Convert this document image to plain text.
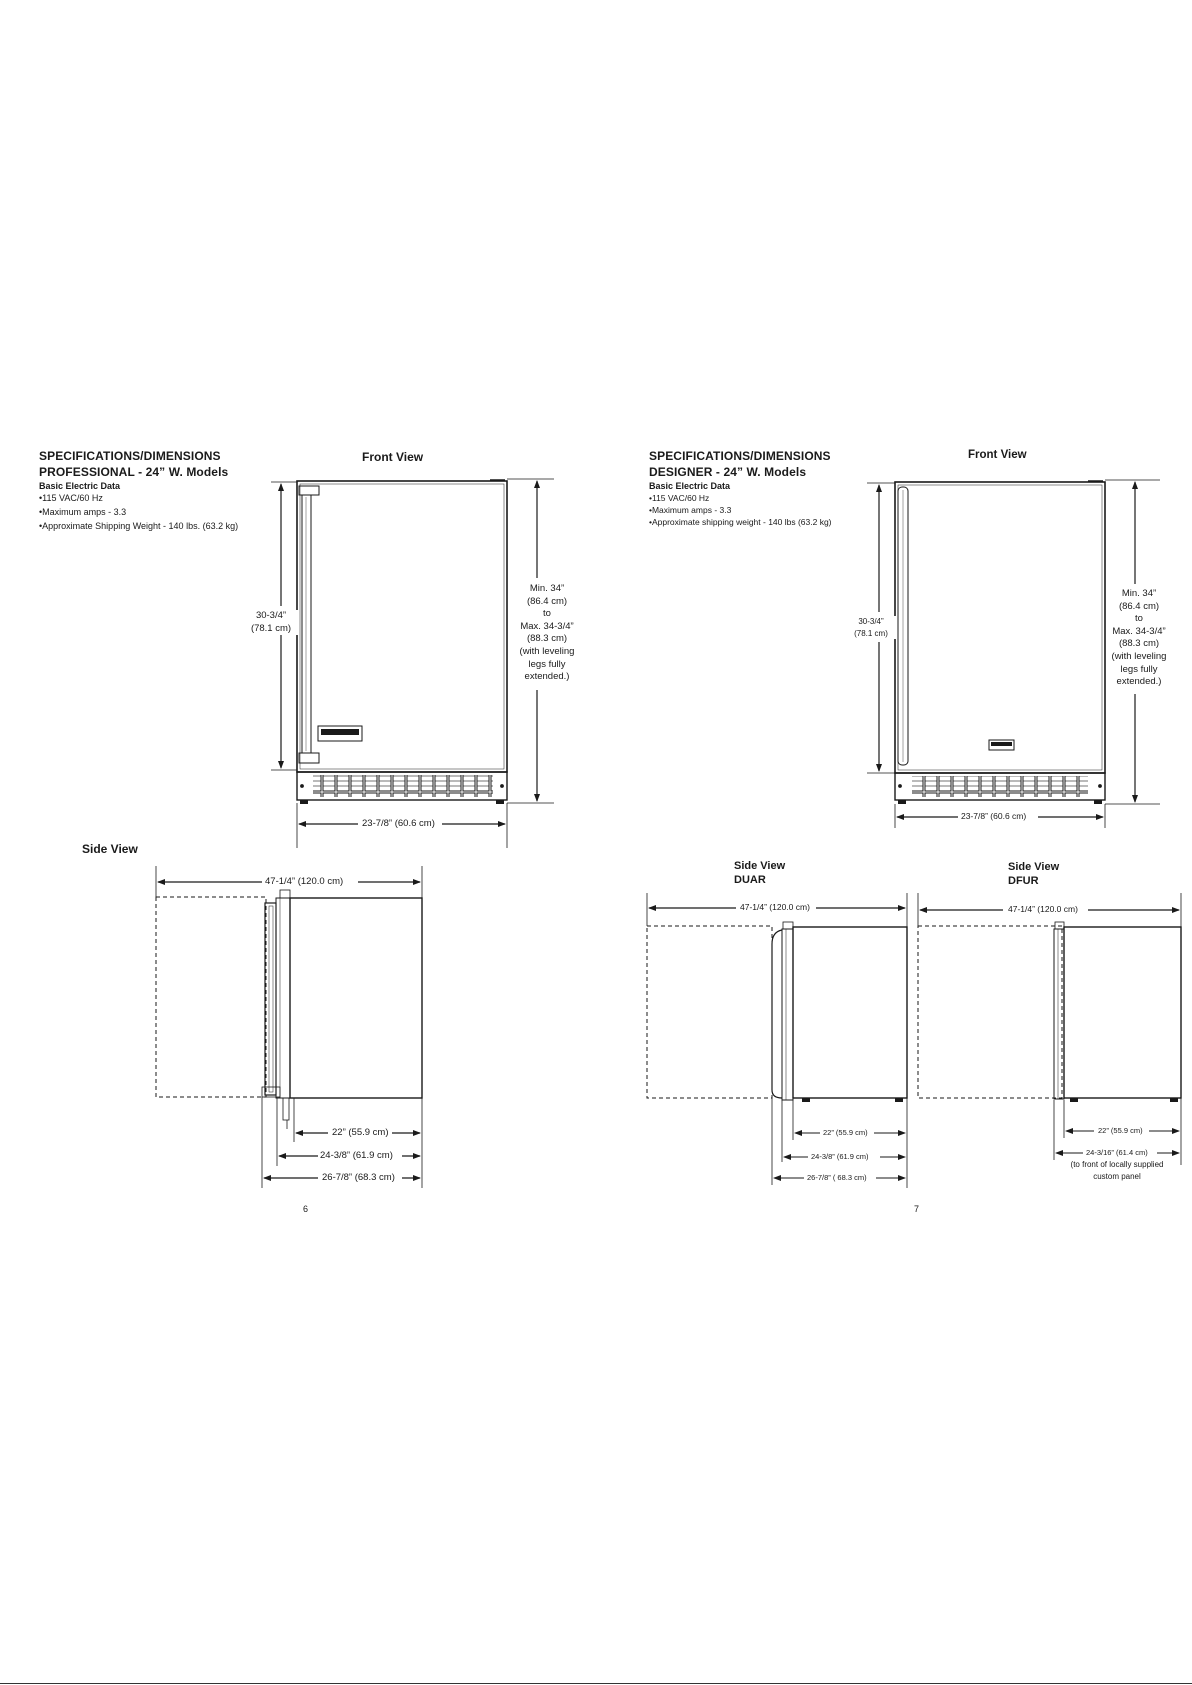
SPECIFICATIONS/DIMENSIONS
PROFESSIONAL - 24” W. Models
Basic Electric Data
•115 VAC/60 Hz
•Maximum amps - 3.3
•Approximate Shipping Weight - 140 lbs. (63.2 kg)
Front View
30-3/4”
(78.1 cm)
Min. 34”
(86.4 cm)
to
Max. 34-3/4”
(88.3 cm)
(with leveling
legs fully
extended.)
23-7/8” (60.6 cm)
Side View
47-1/4” (120.0 cm)
22” (55.9 cm)
24-3/8” (61.9 cm)
26-7/8” (68.3 cm)
6
SPECIFICATIONS/DIMENSIONS
DESIGNER - 24” W. Models
Basic Electric Data
•115 VAC/60 Hz
•Maximum amps - 3.3
•Approximate shipping weight - 140 lbs (63.2 kg)
Front View
30-3/4”
(78.1 cm)
Min. 34”
(86.4 cm)
to
Max. 34-3/4”
(88.3 cm)
(with leveling
legs fully
extended.)
23-7/8” (60.6 cm)
Side View
DUAR
Side View
DFUR
47-1/4” (120.0 cm)
22” (55.9 cm)
24-3/8” (61.9 cm)
26-7/8” ( 68.3 cm)
47-1/4” (120.0 cm)
22” (55.9 cm)
24-3/16” (61.4 cm)
(to front of locally supplied
custom panel
7
